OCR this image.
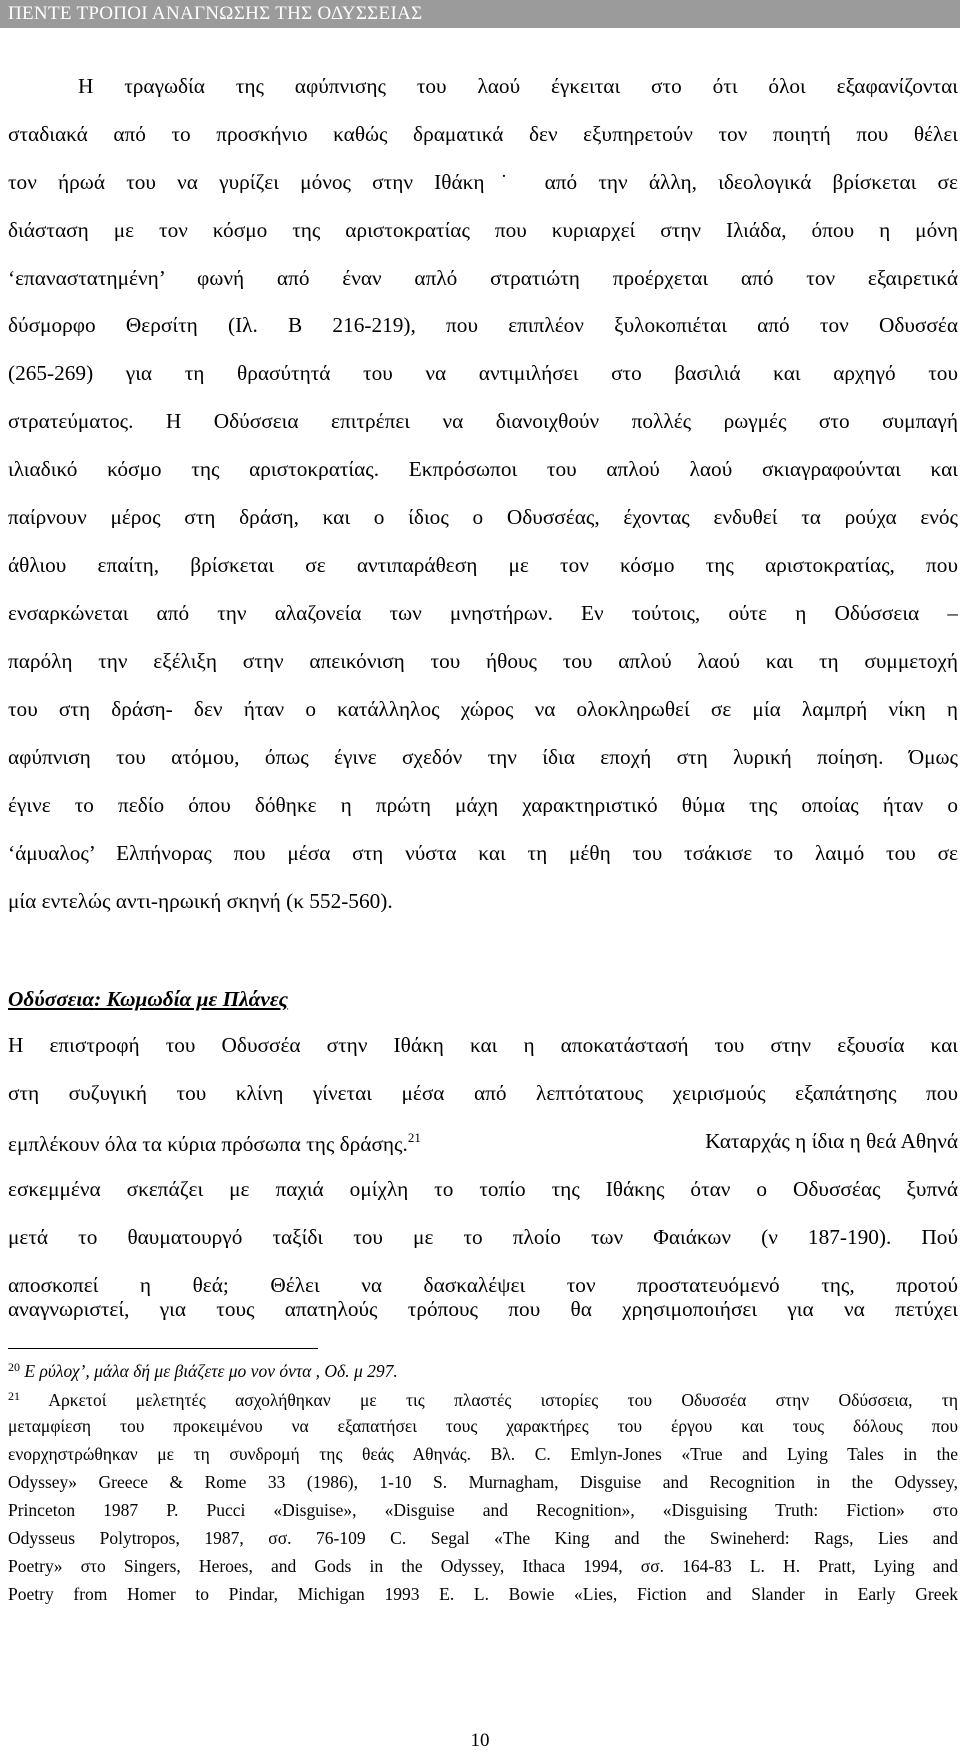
ΠΕΝΤΕ ΤΡΟΠΟΙ ΑΝΑΓΝΩΣΗΣ ΤΗΣ ΟΔΥΣΣΕΙΑΣ
Η τραγωδία της αφύπνισης του λαού έγκειται στο ότι όλοι εξαφανίζονται
σταδιακά από το προσκήνιο καθώς δραματικά δεν εξυπηρετούν τον ποιητή που θέλει
τον ήρωά του να γυρίζει μόνος στην Ιθάκη˙ από την άλλη, ιδεολογικά βρίσκεται σε
διάσταση με τον κόσμο της αριστοκρατίας που κυριαρχεί στην Ιλιάδα, όπου η μόνη
‘επαναστατημένη’ φωνή από έναν απλό στρατιώτη προέρχεται από τον εξαιρετικά
δύσμορφο Θερσίτη (Ιλ. Β 216-219), που επιπλέον ξυλοκοπιέται από τον Οδυσσέα
(265-269) για τη θρασύτητά του να αντιμιλήσει στο βασιλιά και αρχηγό του
στρατεύματος. Η Οδύσσεια επιτρέπει να διανοιχθούν πολλές ρωγμές στο συμπαγή
ιλιαδικό κόσμο της αριστοκρατίας. Εκπρόσωποι του απλού λαού σκιαγραφούνται και
παίρνουν μέρος στη δράση, και ο ίδιος ο Οδυσσέας, έχοντας ενδυθεί τα ρούχα ενός
άθλιου επαίτη, βρίσκεται σε αντιπαράθεση με τον κόσμο της αριστοκρατίας, που
ενσαρκώνεται από την αλαζονεία των μνηστήρων. Εν τούτοις, ούτε η Οδύσσεια –
παρόλη την εξέλιξη στην απεικόνιση του ήθους του απλού λαού και τη συμμετοχή
του στη δράση- δεν ήταν ο κατάλληλος χώρος να ολοκληρωθεί σε μία λαμπρή νίκη η
αφύπνιση του ατόμου, όπως έγινε σχεδόν την ίδια εποχή στη λυρική ποίηση. Όμως
έγινε το πεδίο όπου δόθηκε η πρώτη μάχη χαρακτηριστικό θύμα της οποίας ήταν ο
‘άμυαλος’ Ελπήνορας που μέσα στη νύστα και τη μέθη του τσάκισε το λαιμό του σε
μία εντελώς αντι-ηρωική σκηνή (κ 552-560).
Οδύσσεια: Κωμωδία με Πλάνες
Η επιστροφή του Οδυσσέα στην Ιθάκη και η αποκατάστασή του στην εξουσία και
στη συζυγική του κλίνη γίνεται μέσα από λεπτότατους χειρισμούς εξαπάτησης που
εμπλέκουν όλα τα κύρια πρόσωπα της δράσης.$^{21}$	Καταρχάς η ίδια η θεά Αθηνά
εσκεμμένα σκεπάζει με παχιά ομίχλη το τοπίο της Ιθάκης όταν ο Οδυσσέας ξυπνά
μετά το θαυματουργό ταξίδι του με το πλοίο των Φαιάκων (ν 187-190). Πού
αποσκοπεί η θεά; Θέλει να δασκαλέψει τον προστατευόμενό της, προτού
αναγνωριστεί, για τους απατηλούς τρόπους που θα χρησιμοποιήσει για να πετύχει
$^{20}$ Ε ρύλοχ’, μάλα δή με βιάζετε μο νον όντα , Οδ. μ 297.
$^{21}$ Αρκετοί μελετητές ασχολήθηκαν με τις πλαστές ιστορίες του Οδυσσέα στην Οδύσσεια, τη
μεταμφίεση του προκειμένου να εξαπατήσει τους χαρακτήρες του έργου και τους δόλους που
ενορχηστρώθηκαν με τη συνδρομή της θεάς Αθηνάς. Βλ. C. Emlyn-Jones «True and Lying Tales in the
Odyssey» Greece & Rome 33 (1986), 1-10 S. Murnagham, Disguise and Recognition in the Odyssey,
Princeton 1987 P. Pucci «Disguise», «Disguise and Recognition», «Disguising Truth: Fiction» στο
Odysseus Polytropos, 1987, σσ. 76-109 C. Segal «The King and the Swineherd: Rags, Lies and
Poetry» στο Singers, Heroes, and Gods in the Odyssey, Ithaca 1994, σσ. 164-83 L. H. Pratt, Lying and
Poetry from Homer to Pindar, Michigan 1993 E. L. Bowie «Lies, Fiction and Slander in Early Greek
10
